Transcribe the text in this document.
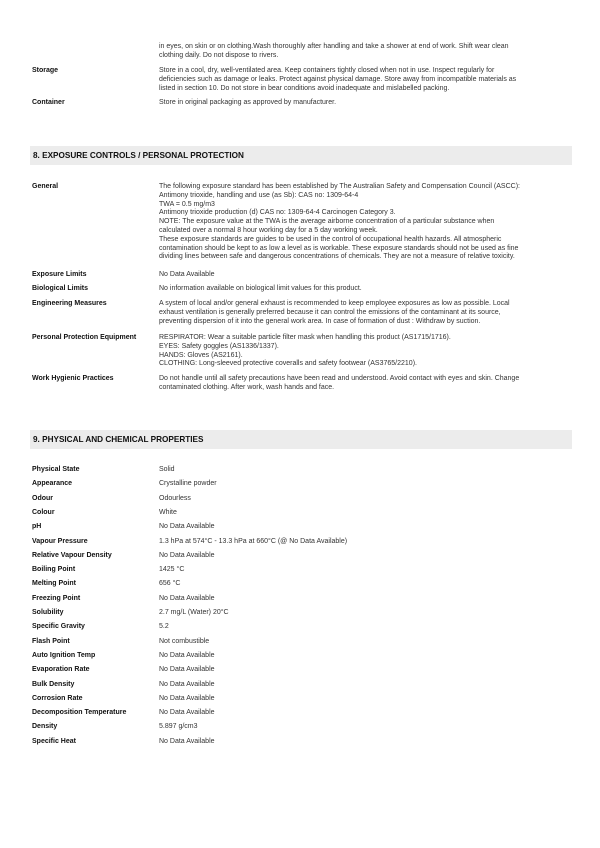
in eyes, on skin or on clothing.Wash thoroughly after handling and take a shower at end of work. Shift wear clean
clothing daily. Do not dispose to rivers.
Storage	Store in a cool, dry, well-ventilated area. Keep containers tightly closed when not in use. Inspect regularly for
deficiencies such as damage or leaks. Protect against physical damage. Store away from incompatible materials as
listed in section 10. Do not store in bear conditions avoid inadequate and mislabelled packing.
Container	Store in original packaging as approved by manufacturer.
8. EXPOSURE CONTROLS / PERSONAL PROTECTION
General	The following exposure standard has been established by The Australian Safety and Compensation Council (ASCC):
Antimony trioxide, handling and use (as Sb): CAS no: 1309-64-4
TWA = 0.5 mg/m3
Antimony trioxide production (d) CAS no: 1309-64-4 Carcinogen Category 3.
NOTE: The exposure value at the TWA is the average airborne concentration of a particular substance when
calculated over a normal 8 hour working day for a 5 day working week.
These exposure standards are guides to be used in the control of occupational health hazards. All atmospheric
contamination should be kept to as low a level as is workable. These exposure standards should not be used as fine
dividing lines between safe and dangerous concentrations of chemicals. They are not a measure of relative toxicity.
Exposure Limits	No Data Available
Biological Limits	No information available on biological limit values for this product.
Engineering Measures	A system of local and/or general exhaust is recommended to keep employee exposures as low as possible. Local
exhaust ventilation is generally preferred because it can control the emissions of the contaminant at its source,
preventing dispersion of it into the general work area. In case of formation of dust : Withdraw by suction.
Personal Protection Equipment	RESPIRATOR: Wear a suitable particle filter mask when handling this product (AS1715/1716).
EYES: Safety goggles (AS1336/1337).
HANDS: Gloves (AS2161).
CLOTHING: Long-sleeved protective coveralls and safety footwear (AS3765/2210).
Work Hygienic Practices	Do not handle until all safety precautions have been read and understood. Avoid contact with eyes and skin. Change
contaminated clothing. After work, wash hands and face.
9. PHYSICAL AND CHEMICAL PROPERTIES
Physical State	Solid
Appearance	Crystalline powder
Odour	Odourless
Colour	White
pH	No Data Available
Vapour Pressure	1.3 hPa at 574°C - 13.3 hPa at 660°C (@ No Data Available)
Relative Vapour Density	No Data Available
Boiling Point	1425 °C
Melting Point	656 °C
Freezing Point	No Data Available
Solubility	2.7 mg/L (Water) 20°C
Specific Gravity	5.2
Flash Point	Not combustible
Auto Ignition Temp	No Data Available
Evaporation Rate	No Data Available
Bulk Density	No Data Available
Corrosion Rate	No Data Available
Decomposition Temperature	No Data Available
Density	5.897 g/cm3
Specific Heat	No Data Available
